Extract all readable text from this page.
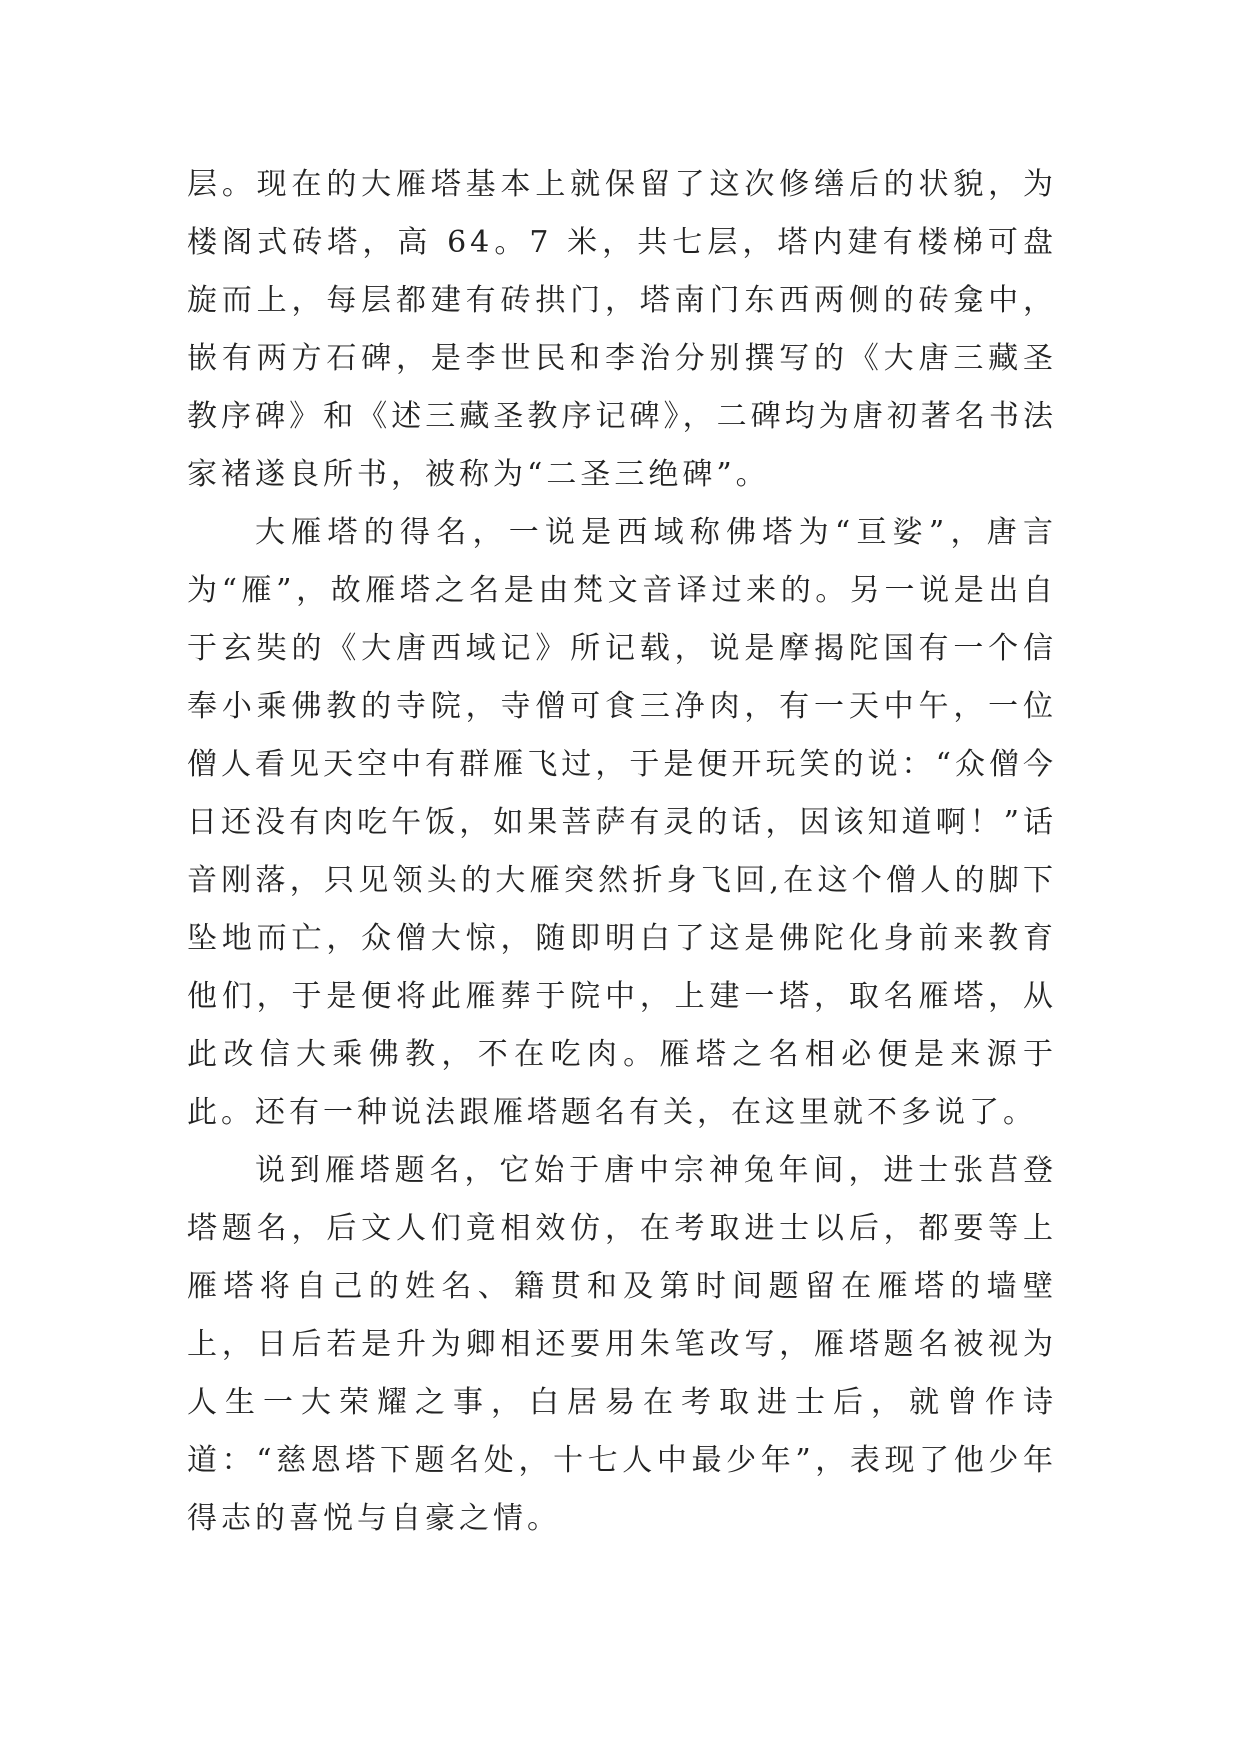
层。现在的大雁塔基本上就保留了这次修缮后的状貌，为楼阁式砖塔，高 64。7 米，共七层，塔内建有楼梯可盘旋而上，每层都建有砖拱门，塔南门东西两侧的砖龛中，嵌有两方石碑，是李世民和李治分别撰写的《大唐三藏圣教序碑》和《述三藏圣教序记碑》，二碑均为唐初著名书法家褚遂良所书，被称为“二圣三绝碑”。

大雁塔的得名，一说是西域称佛塔为“亘娑”，唐言为“雁”，故雁塔之名是由梵文音译过来的。另一说是出自于玄奘的《大唐西域记》所记载，说是摩揭陀国有一个信奉小乘佛教的寺院，寺僧可食三净肉，有一天中午，一位僧人看见天空中有群雁飞过，于是便开玩笑的说：“众僧今日还没有肉吃午饭，如果菩萨有灵的话，因该知道啊！”话音刚落，只见领头的大雁突然折身飞回,在这个僧人的脚下坠地而亡，众僧大惊，随即明白了这是佛陀化身前来教育他们，于是便将此雁葬于院中，上建一塔，取名雁塔，从此改信大乘佛教，不在吃肉。雁塔之名相必便是来源于此。还有一种说法跟雁塔题名有关，在这里就不多说了。

说到雁塔题名，它始于唐中宗神兔年间，进士张莒登塔题名，后文人们竟相效仿，在考取进士以后，都要等上雁塔将自己的姓名、籍贯和及第时间题留在雁塔的墙壁上，日后若是升为卿相还要用朱笔改写，雁塔题名被视为人生一大荣耀之事，白居易在考取进士后，就曾作诗道：“慈恩塔下题名处，十七人中最少年”，表现了他少年得志的喜悦与自豪之情。
